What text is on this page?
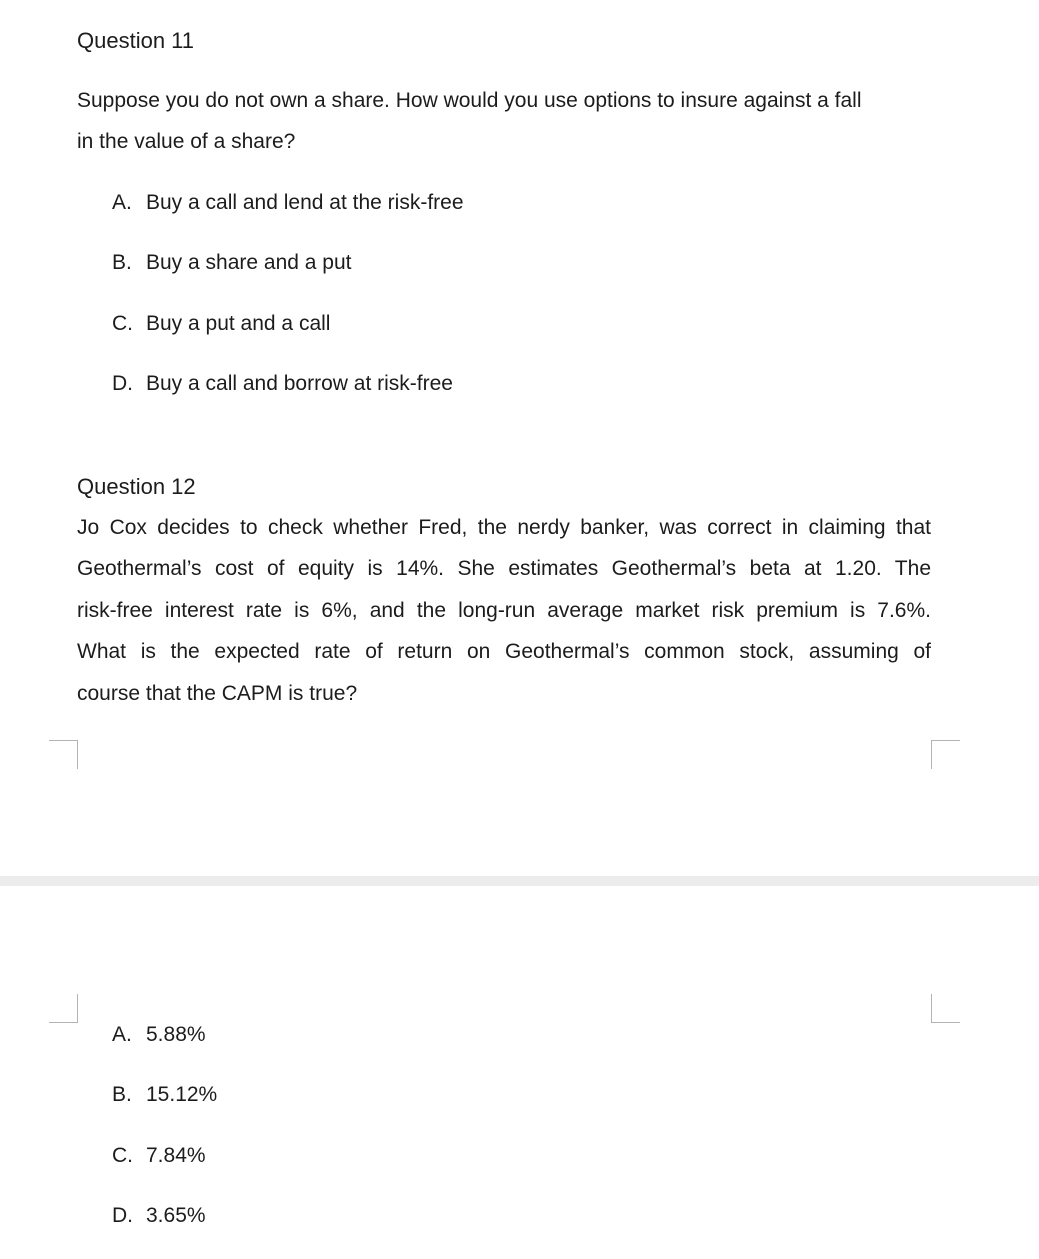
Question 11
Suppose you do not own a share. How would you use options to insure against a fall
in the value of a share?
A. Buy a call and lend at the risk-free
B. Buy a share and a put
C. Buy a put and a call
D. Buy a call and borrow at risk-free
Question 12
Jo Cox decides to check whether Fred, the nerdy banker, was correct in claiming that
Geothermal’s cost of equity is 14%. She estimates Geothermal’s beta at 1.20. The
risk-free interest rate is 6%, and the long-run average market risk premium is 7.6%.
What is the expected rate of return on Geothermal’s common stock, assuming of
course that the CAPM is true?
A. 5.88%
B. 15.12%
C. 7.84%
D. 3.65%
